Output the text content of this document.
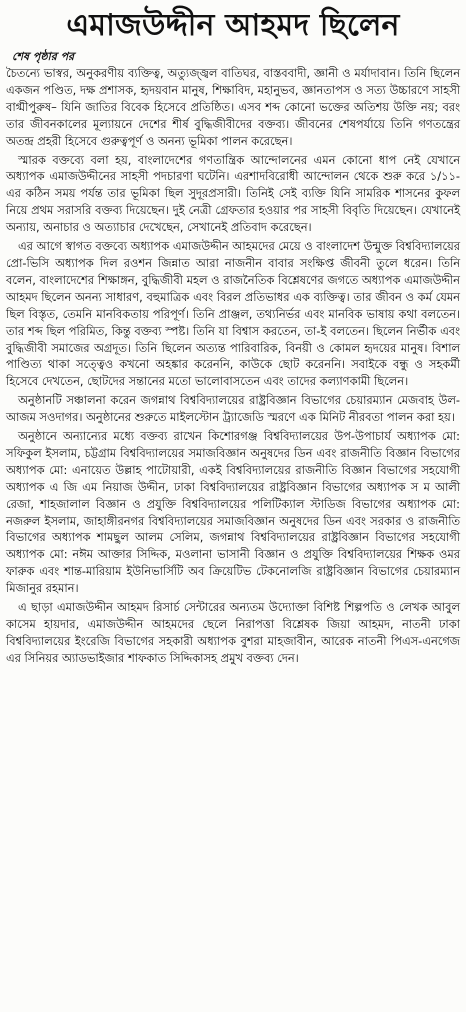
এমাজউদ্দীন আহমদ ছিলেন
শেষ পৃষ্ঠার পর

চৈতন্যে ভাস্বর, অনুকরণীয় ব্যক্তিত্ব, অত্যুজ্জ্বল বাতিঘর, বাস্তববাদী, জ্ঞানী ও মর্যাদাবান। তিনি ছিলেন একজন পণ্ডিত, দক্ষ প্রশাসক, হৃদয়বান মানুষ, শিক্ষাবিদ, মহানুভব, জ্ঞানতাপস ও সত্য উচ্চারণে সাহসী বাগ্মীপুরুষ– যিনি জাতির বিবেক হিসেবে প্রতিষ্ঠিত। এসব শব্দ কোনো ভক্তের অতিশয় উক্তি নয়; বরং তার জীবনকালের মূল্যায়নে দেশের শীর্ষ বুদ্ধিজীবীদের বক্তব্য। জীবনের শেষপর্যায়ে তিনি গণতন্ত্রের অতন্দ্র প্রহরী হিসেবে গুরুত্বপূর্ণ ও অনন্য ভূমিকা পালন করেছেন।

স্মারক বক্তব্যে বলা হয়, বাংলাদেশের গণতান্ত্রিক আন্দোলনের এমন কোনো ধাপ নেই যেখানে অধ্যাপক এমাজউদ্দীনের সাহসী পদচারণা ঘটেনি। এরশাদবিরোধী আন্দোলন থেকে শুরু করে ১/১১-এর কঠিন সময় পর্যন্ত তার ভূমিকা ছিল সুদূরপ্রসারী। তিনিই সেই ব্যক্তি যিনি সামরিক শাসনের কুফল নিয়ে প্রথম সরাসরি বক্তব্য দিয়েছেন। দুই নেত্রী গ্রেফতার হওয়ার পর সাহসী বিবৃতি দিয়েছেন। যেখানেই অন্যায়, অনাচার ও অত্যাচার দেখেছেন, সেখানেই প্রতিবাদ করেছেন।

এর আগে স্বাগত বক্তব্যে অধ্যাপক এমাজউদ্দীন আহমদের মেয়ে ও বাংলাদেশ উন্মুক্ত বিশ্ববিদ্যালয়ের প্রো-ভিসি অধ্যাপক দিল রওশন জিন্নাত আরা নাজনীন বাবার সংক্ষিপ্ত জীবনী তুলে ধরেন। তিনি বলেন, বাংলাদেশের শিক্ষাঙ্গন, বুদ্ধিজীবী মহল ও রাজনৈতিক বিশ্লেষণের জগতে অধ্যাপক এমাজউদ্দীন আহমদ ছিলেন অনন্য সাধারণ, বহুমাত্রিক এবং বিরল প্রতিভাধর এক ব্যক্তিত্ব। তার জীবন ও কর্ম যেমন ছিল বিস্তৃত, তেমনি মানবিকতায় পরিপূর্ণ। তিনি প্রাঞ্জল, তথ্যনির্ভর এবং মানবিক ভাষায় কথা বলতেন। তার শব্দ ছিল পরিমিত, কিন্তু বক্তব্য স্পষ্ট। তিনি যা বিশ্বাস করতেন, তা-ই বলতেন। ছিলেন নির্ভীক এবং বুদ্ধিজীবী সমাজের অগ্রদূত। তিনি ছিলেন অত্যন্ত পারিবারিক, বিনয়ী ও কোমল হৃদয়ের মানুষ। বিশাল পাণ্ডিত্য থাকা সত্ত্বেও কখনো অহঙ্কার করেননি, কাউকে ছোট করেননি। সবাইকে বন্ধু ও সহকর্মী হিসেবে দেখতেন, ছোটদের সন্তানের মতো ভালোবাসতেন এবং তাদের কল্যাণকামী ছিলেন।

অনুষ্ঠানটি সঞ্চালনা করেন জগন্নাথ বিশ্ববিদ্যালয়ের রাষ্ট্রবিজ্ঞান বিভাগের চেয়ারম্যান মেজবাহ উল-আজম সওদাগর। অনুষ্ঠানের শুরুতে মাইলস্টোন ট্র্যাজেডি স্মরণে এক মিনিট নীরবতা পালন করা হয়।

অনুষ্ঠানে অন্যান্যের মধ্যে বক্তব্য রাখেন কিশোরগঞ্জ বিশ্ববিদ্যালয়ের উপ-উপাচার্য অধ্যাপক মো: সফিকুল ইসলাম, চট্টগ্রাম বিশ্ববিদ্যালয়ের সমাজবিজ্ঞান অনুষদের ডিন এবং রাজনীতি বিজ্ঞান বিভাগের অধ্যাপক মো: এনায়েত উল্লাহ পাটোয়ারী, একই বিশ্ববিদ্যালয়ের রাজনীতি বিজ্ঞান বিভাগের সহযোগী অধ্যাপক এ জি এম নিয়াজ উদ্দীন, ঢাকা বিশ্ববিদ্যালয়ের রাষ্ট্রবিজ্ঞান বিভাগের অধ্যাপক স ম আলী রেজা, শাহজালাল বিজ্ঞান ও প্রযুক্তি বিশ্ববিদ্যালয়ের পলিটিক্যাল স্টাডিজ বিভাগের অধ্যাপক মো: নজরুল ইসলাম, জাহাঙ্গীরনগর বিশ্ববিদ্যালয়ের সমাজবিজ্ঞান অনুষদের ডিন এবং সরকার ও রাজনীতি বিভাগের অধ্যাপক শামছুল আলম সেলিম, জগন্নাথ বিশ্ববিদ্যালয়ের রাষ্ট্রবিজ্ঞান বিভাগের সহযোগী অধ্যাপক মো: নঈম আক্তার সিদ্দিক, মওলানা ভাসানী বিজ্ঞান ও প্রযুক্তি বিশ্ববিদ্যালয়ের শিক্ষক ওমর ফারুক এবং শান্ত-মারিয়াম ইউনিভার্সিটি অব ক্রিয়েটিভ টেকনোলজি রাষ্ট্রবিজ্ঞান বিভাগের চেয়ারম্যান মিজানুর রহমান।

এ ছাড়া এমাজউদ্দীন আহমদ রিসার্চ সেন্টারের অন্যতম উদ্যোক্তা বিশিষ্ট শিল্পপতি ও লেখক আবুল কাসেম হায়দার, এমাজউদ্দীন আহমদের ছেলে নিরাপত্তা বিশ্লেষক জিয়া আহমদ, নাতনী ঢাকা বিশ্ববিদ্যালয়ের ইংরেজি বিভাগের সহকারী অধ্যাপক বুশরা মাহজাবীন, আরেক নাতনী পিএস-এনগেজ এর সিনিয়র অ্যাডভাইজার শাফকাত সিদ্দিকাসহ প্রমুখ বক্তব্য দেন।
